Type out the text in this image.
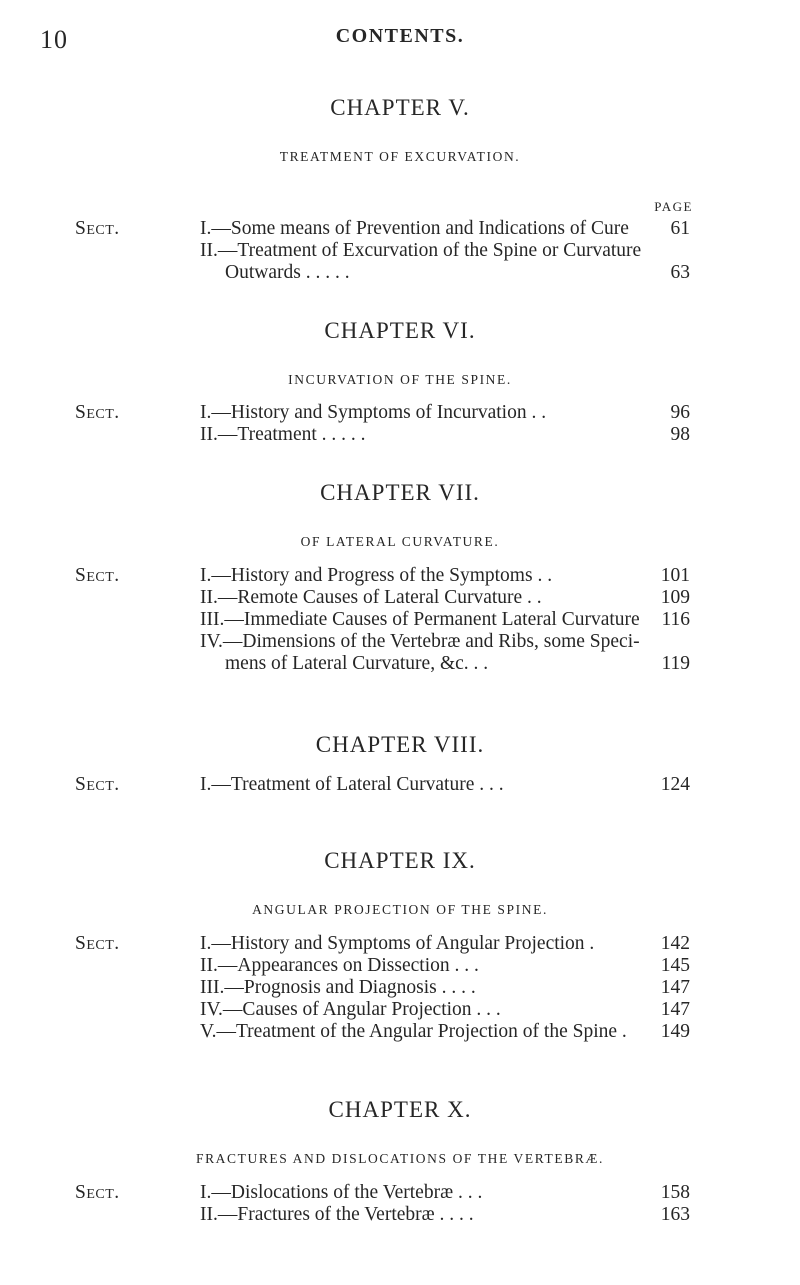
10	CONTENTS.
CHAPTER V.
TREATMENT OF EXCURVATION.
PAGE
Sect.	I.—Some means of Prevention and Indications of Cure 61
II.—Treatment of Excurvation of the Spine or Curvature
Outwards . . . . .	63
CHAPTER VI.
INCURVATION OF THE SPINE.
Sect.	I.—History and Symptoms of Incurvation . .	96
II.—Treatment . . . . .	98
CHAPTER VII.
OF LATERAL CURVATURE.
Sect.	I.—History and Progress of the Symptoms . .	101
II.—Remote Causes of Lateral Curvature . .	109
III.—Immediate Causes of Permanent Lateral Curvature 116
IV.—Dimensions of the Vertebræ and Ribs, some Speci-
mens of Lateral Curvature, &c. . .	119
CHAPTER VIII.
Sect.	I.—Treatment of Lateral Curvature . . .	124
CHAPTER IX.
ANGULAR PROJECTION OF THE SPINE.
Sect.	I.—History and Symptoms of Angular Projection .	142
II.—Appearances on Dissection . . .	145
III.—Prognosis and Diagnosis . . . .	147
IV.—Causes of Angular Projection . . .	147
V.—Treatment of the Angular Projection of the Spine . 149
CHAPTER X.
FRACTURES AND DISLOCATIONS OF THE VERTEBRÆ.
Sect.	I.—Dislocations of the Vertebræ . . .	158
II.—Fractures of the Vertebræ . . . .	163
